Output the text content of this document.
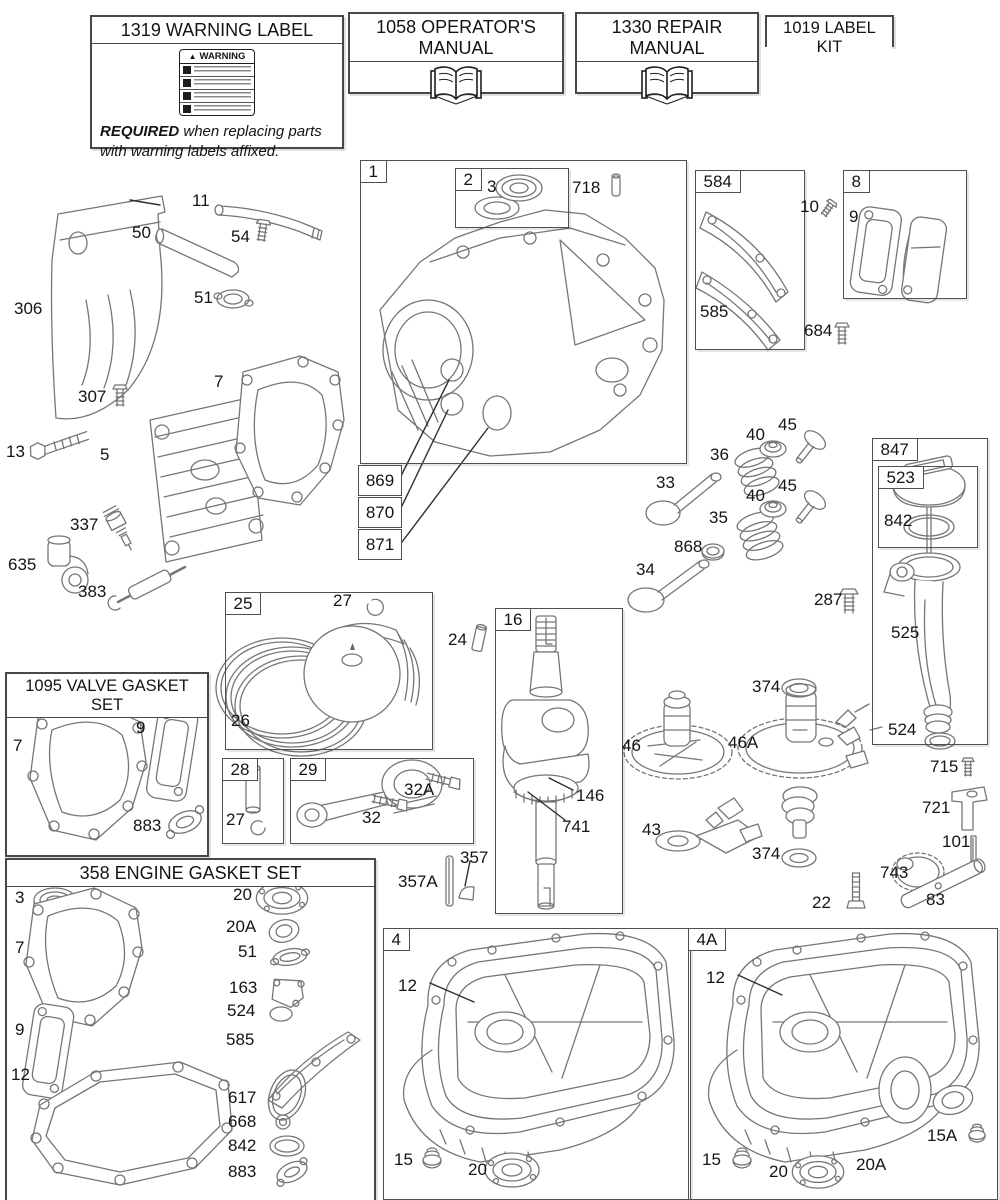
1319 WARNING LABEL
▲ WARNING
REQUIRED when replacing parts
with warning labels affixed.
1058 OPERATOR'S MANUAL
1330 REPAIR MANUAL
1019 LABEL KIT
1095 VALVE GASKET SET
358 ENGINE GASKET SET
1	2	584	8
847
523
25
16
28	29
4	4A
869
870
871
306
11
50	54
51
307
13	5
7
337
635
383
3	718
10
9
585
684
33
36
40
45
40
45
35
868
34
287
842
525
524
27
26
24
146
741
374
46	46A
43
374
715
721
101
743
83
22
357A
357
27	32
32A
7
9
883
3
7
9
12
20
20A
51
163
524
585
617
668
842
883
12
15
20
12
15
20	20A
15A
